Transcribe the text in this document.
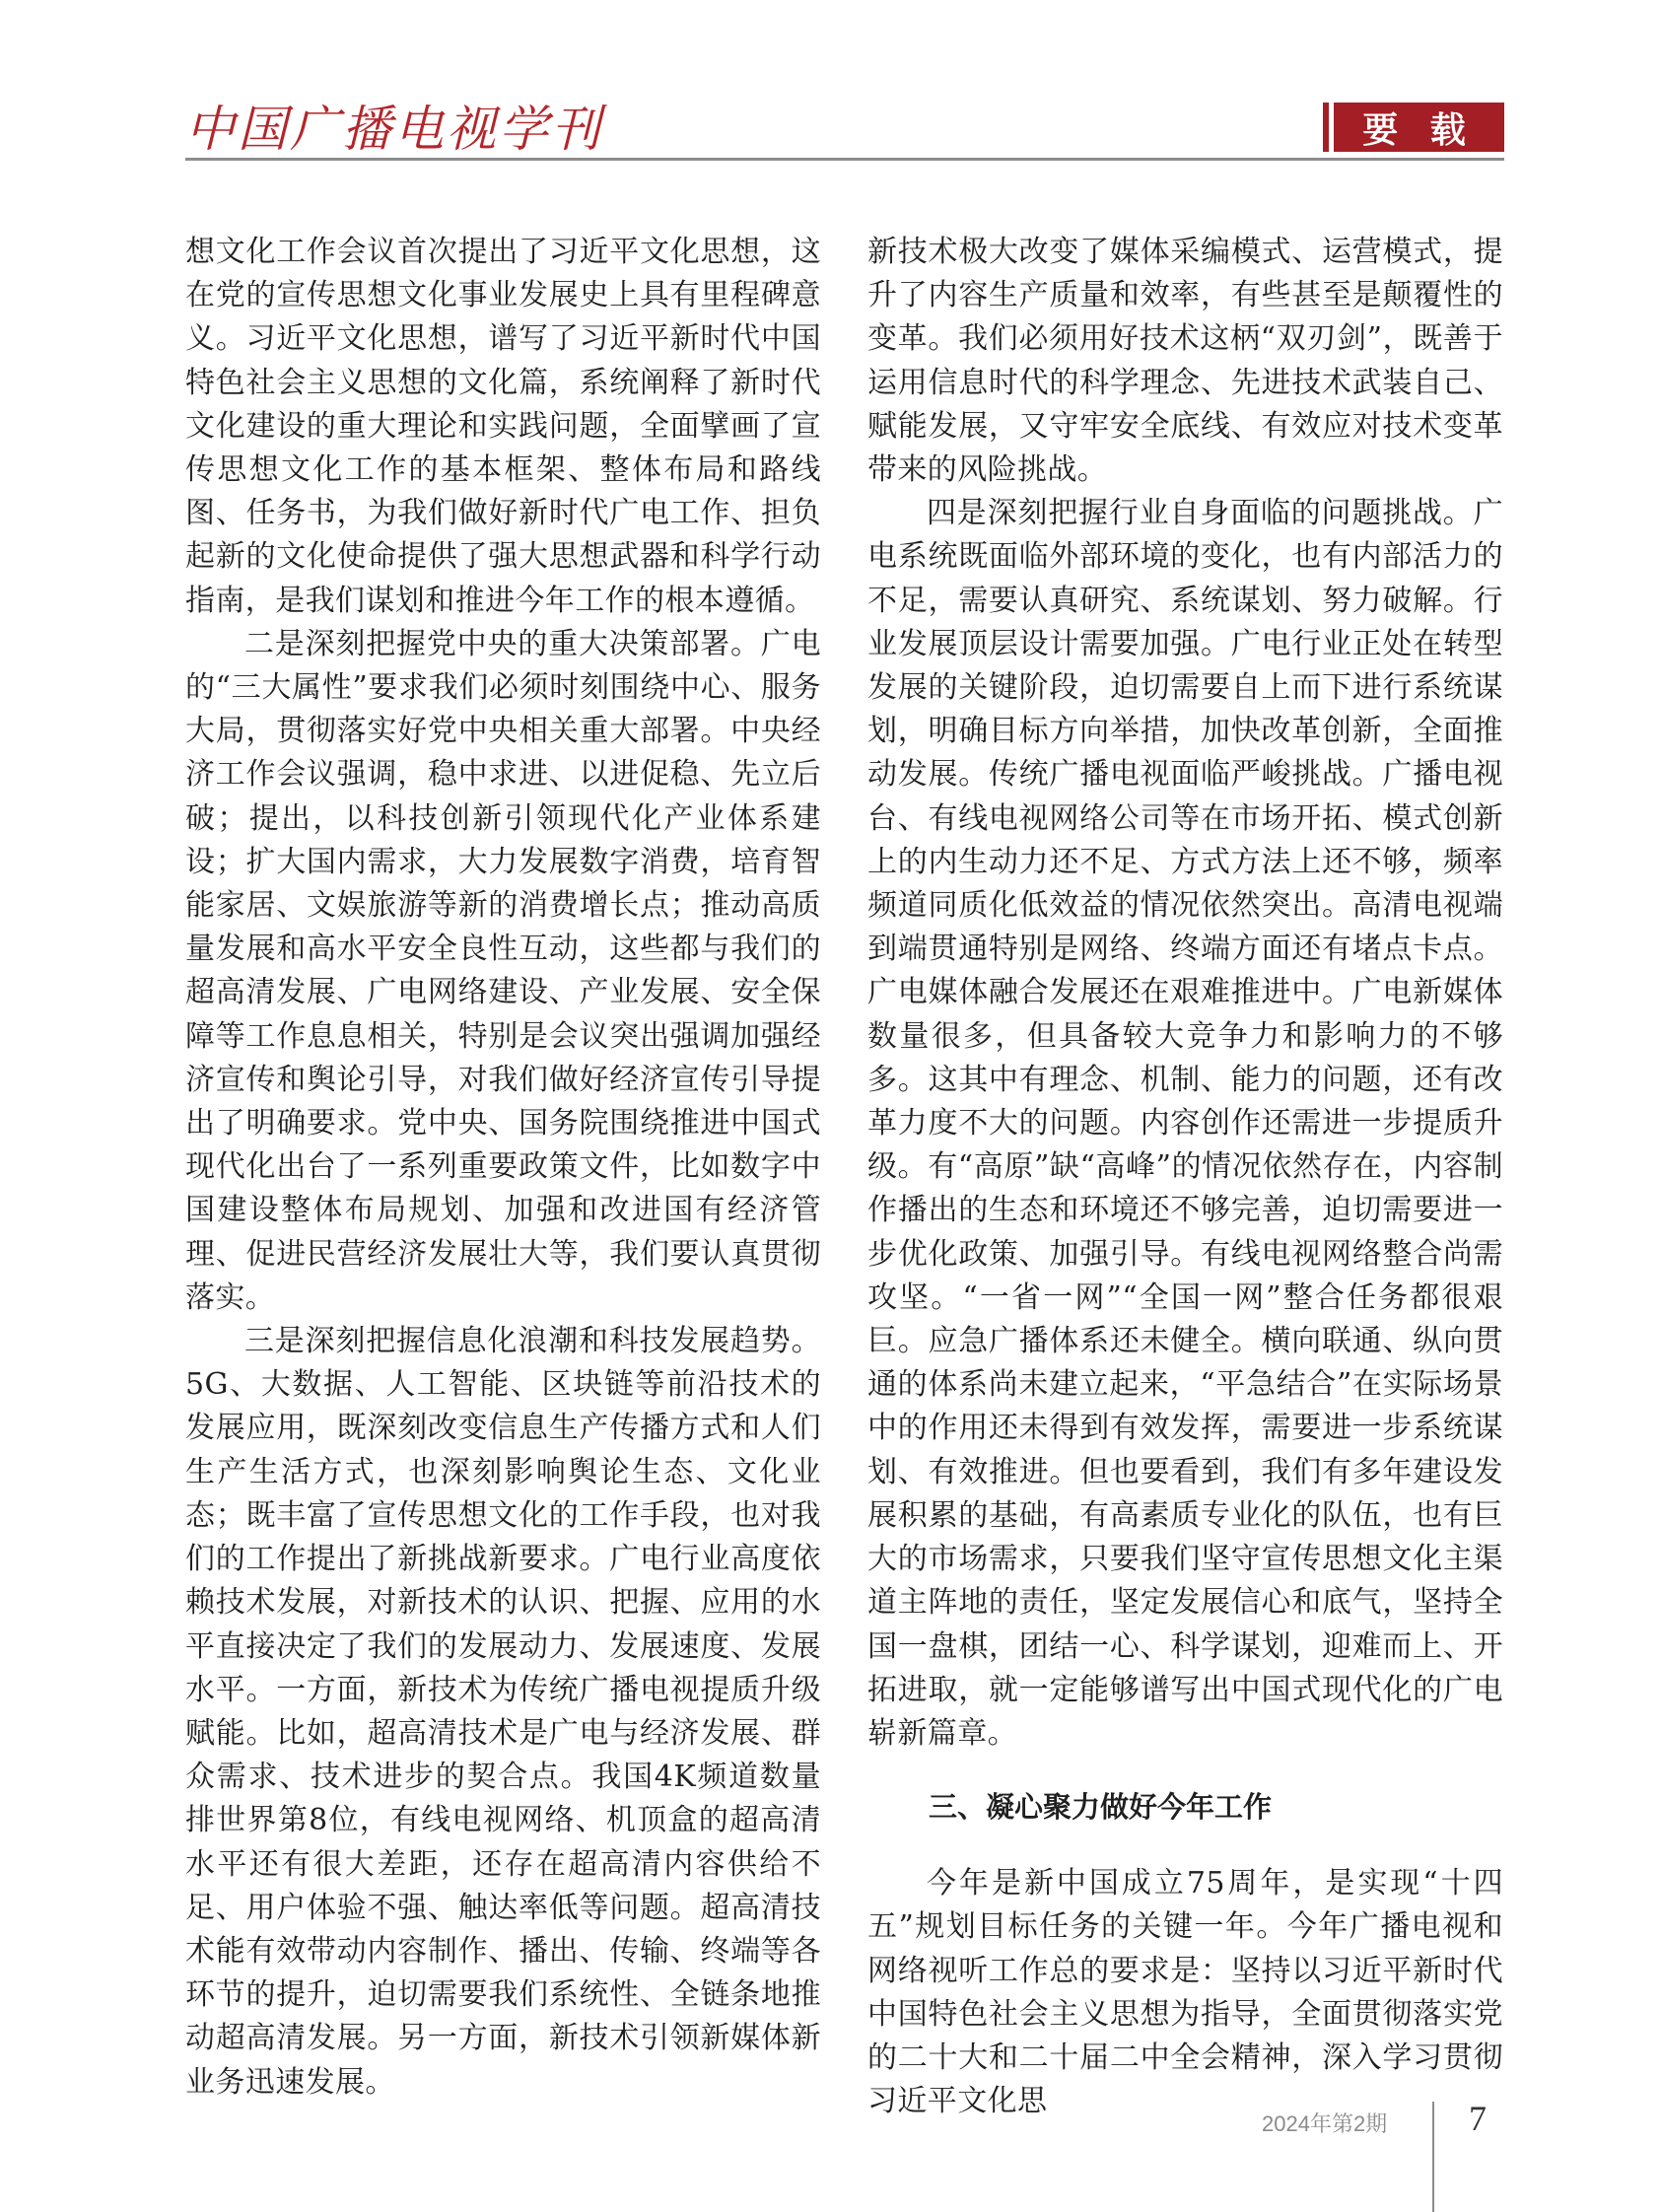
中国广播电视学刊	要 载

想文化工作会议首次提出了习近平文化思想，这在党的宣传思想文化事业发展史上具有里程碑意义。习近平文化思想，谱写了习近平新时代中国特色社会主义思想的文化篇，系统阐释了新时代文化建设的重大理论和实践问题，全面擘画了宣传思想文化工作的基本框架、整体布局和路线图、任务书，为我们做好新时代广电工作、担负起新的文化使命提供了强大思想武器和科学行动指南，是我们谋划和推进今年工作的根本遵循。

二是深刻把握党中央的重大决策部署。广电的“三大属性”要求我们必须时刻围绕中心、服务大局，贯彻落实好党中央相关重大部署。中央经济工作会议强调，稳中求进、以进促稳、先立后破；提出，以科技创新引领现代化产业体系建设；扩大国内需求，大力发展数字消费，培育智能家居、文娱旅游等新的消费增长点；推动高质量发展和高水平安全良性互动，这些都与我们的超高清发展、广电网络建设、产业发展、安全保障等工作息息相关，特别是会议突出强调加强经济宣传和舆论引导，对我们做好经济宣传引导提出了明确要求。党中央、国务院围绕推进中国式现代化出台了一系列重要政策文件，比如数字中国建设整体布局规划、加强和改进国有经济管理、促进民营经济发展壮大等，我们要认真贯彻落实。

三是深刻把握信息化浪潮和科技发展趋势。5G、大数据、人工智能、区块链等前沿技术的发展应用，既深刻改变信息生产传播方式和人们生产生活方式，也深刻影响舆论生态、文化业态；既丰富了宣传思想文化的工作手段，也对我们的工作提出了新挑战新要求。广电行业高度依赖技术发展，对新技术的认识、把握、应用的水平直接决定了我们的发展动力、发展速度、发展水平。一方面，新技术为传统广播电视提质升级赋能。比如，超高清技术是广电与经济发展、群众需求、技术进步的契合点。我国4K频道数量排世界第8位，有线电视网络、机顶盒的超高清水平还有很大差距，还存在超高清内容供给不足、用户体验不强、触达率低等问题。超高清技术能有效带动内容制作、播出、传输、终端等各环节的提升，迫切需要我们系统性、全链条地推动超高清发展。另一方面，新技术引领新媒体新业务迅速发展。

新技术极大改变了媒体采编模式、运营模式，提升了内容生产质量和效率，有些甚至是颠覆性的变革。我们必须用好技术这柄“双刃剑”，既善于运用信息时代的科学理念、先进技术武装自己、赋能发展，又守牢安全底线、有效应对技术变革带来的风险挑战。

四是深刻把握行业自身面临的问题挑战。广电系统既面临外部环境的变化，也有内部活力的不足，需要认真研究、系统谋划、努力破解。行业发展顶层设计需要加强。广电行业正处在转型发展的关键阶段，迫切需要自上而下进行系统谋划，明确目标方向举措，加快改革创新，全面推动发展。传统广播电视面临严峻挑战。广播电视台、有线电视网络公司等在市场开拓、模式创新上的内生动力还不足、方式方法上还不够，频率频道同质化低效益的情况依然突出。高清电视端到端贯通特别是网络、终端方面还有堵点卡点。广电媒体融合发展还在艰难推进中。广电新媒体数量很多，但具备较大竞争力和影响力的不够多。这其中有理念、机制、能力的问题，还有改革力度不大的问题。内容创作还需进一步提质升级。有“高原”缺“高峰”的情况依然存在，内容制作播出的生态和环境还不够完善，迫切需要进一步优化政策、加强引导。有线电视网络整合尚需攻坚。“一省一网”“全国一网”整合任务都很艰巨。应急广播体系还未健全。横向联通、纵向贯通的体系尚未建立起来，“平急结合”在实际场景中的作用还未得到有效发挥，需要进一步系统谋划、有效推进。但也要看到，我们有多年建设发展积累的基础，有高素质专业化的队伍，也有巨大的市场需求，只要我们坚守宣传思想文化主渠道主阵地的责任，坚定发展信心和底气，坚持全国一盘棋，团结一心、科学谋划，迎难而上、开拓进取，就一定能够谱写出中国式现代化的广电崭新篇章。

三、凝心聚力做好今年工作

今年是新中国成立75周年，是实现“十四五”规划目标任务的关键一年。今年广播电视和网络视听工作总的要求是：坚持以习近平新时代中国特色社会主义思想为指导，全面贯彻落实党的二十大和二十届二中全会精神，深入学习贯彻习近平文化思

2024年第2期 7
